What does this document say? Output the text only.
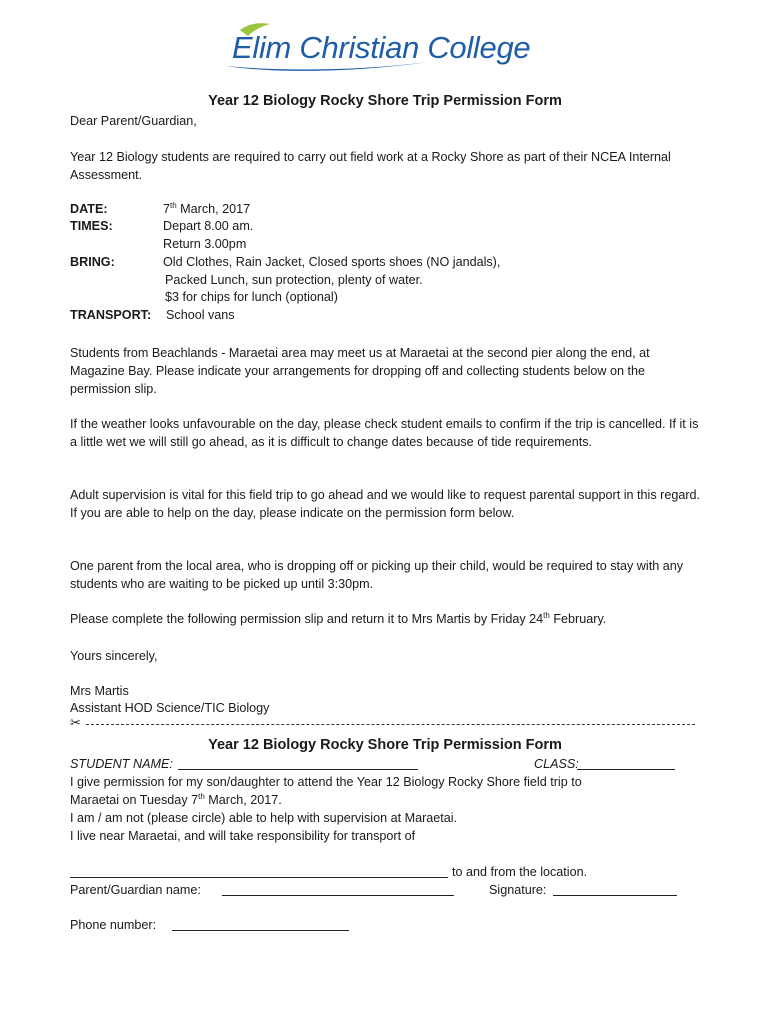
Elim Christian College
Year 12 Biology Rocky Shore Trip Permission Form
Dear Parent/Guardian,
Year 12 Biology students are required to carry out field work at a Rocky Shore as part of their NCEA Internal Assessment.
DATE:	7th March, 2017
TIMES:	Depart 8.00 am.
Return 3.00pm
BRING:	Old Clothes, Rain Jacket, Closed sports shoes (NO jandals),
Packed Lunch, sun protection, plenty of water.
$3 for chips for lunch (optional)
TRANSPORT: School vans
Students from Beachlands - Maraetai area may meet us at Maraetai at the second pier along the end, at Magazine Bay. Please indicate your arrangements for dropping off and collecting students below on the permission slip.
If the weather looks unfavourable on the day, please check student emails to confirm if the trip is cancelled. If it is a little wet we will still go ahead, as it is difficult to change dates because of tide requirements.
Adult supervision is vital for this field trip to go ahead and we would like to request parental support in this regard. If you are able to help on the day, please indicate on the permission form below.
One parent from the local area, who is dropping off or picking up their child, would be required to stay with any students who are waiting to be picked up until 3:30pm.
Please complete the following permission slip and return it to Mrs Martis by Friday 24th February.
Yours sincerely,
Mrs Martis
Assistant HOD Science/TIC Biology
✂
Year 12 Biology Rocky Shore Trip Permission Form
STUDENT NAME:	CLASS:
I give permission for my son/daughter to attend the Year 12 Biology Rocky Shore field trip to
Maraetai on Tuesday 7th March, 2017.
I am / am not (please circle) able to help with supervision at Maraetai.
I live near Maraetai, and will take responsibility for transport of
to and from the location.
Parent/Guardian name:	Signature:
Phone number:
